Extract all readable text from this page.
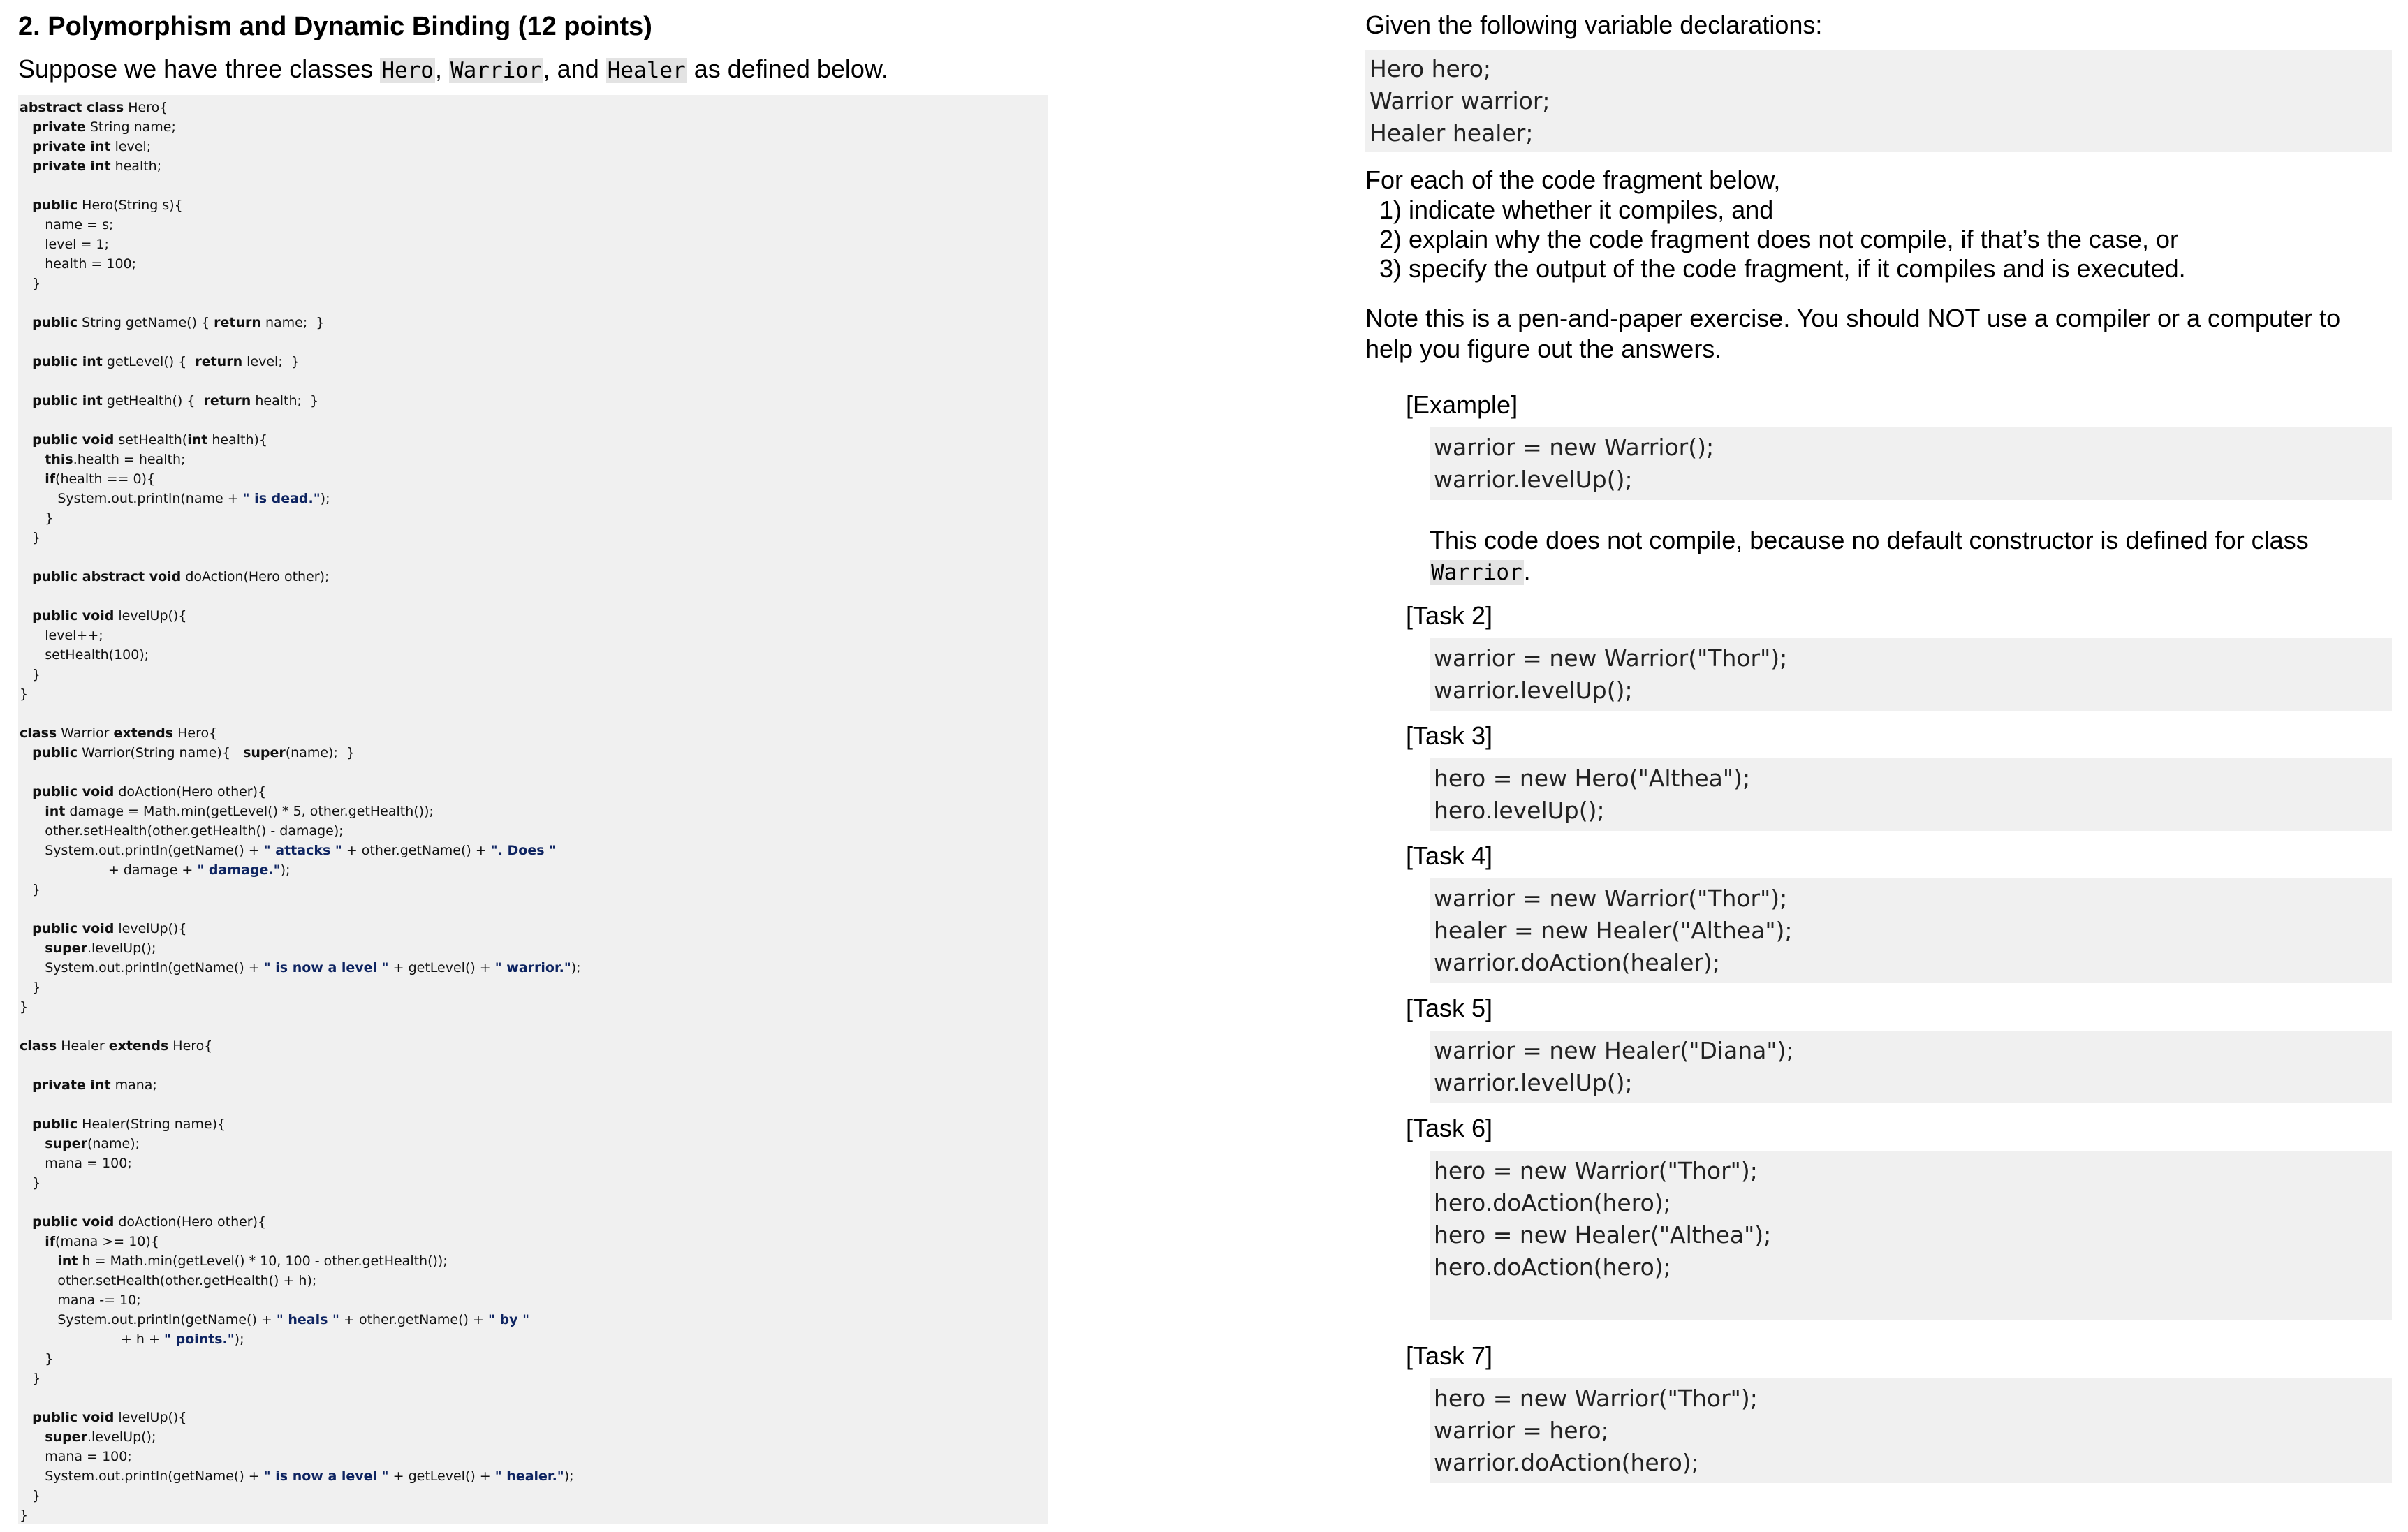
2. Polymorphism and Dynamic Binding (12 points)

Suppose we have three classes Hero, Warrior, and Healer as defined below.

abstract class Hero{
private String name;
private int level;
private int health;
public Hero(String s){
name = s;
level = 1;
health = 100;
}
public String getName() { return name;  }
public int getLevel() {  return level;  }
public int getHealth() {  return health;  }
public void setHealth(int health){
this.health = health;
if(health == 0){
System.out.println(name + " is dead.");
}
}
public abstract void doAction(Hero other);
public void levelUp(){
level++;
setHealth(100);
}
}
class Warrior extends Hero{
public Warrior(String name){   super(name);  }
public void doAction(Hero other){
int damage = Math.min(getLevel() * 5, other.getHealth());
other.setHealth(other.getHealth() - damage);
System.out.println(getName() + " attacks " + other.getName() + ". Does "
+ damage + " damage.");
}
public void levelUp(){
super.levelUp();
System.out.println(getName() + " is now a level " + getLevel() + " warrior.");
}
}
class Healer extends Hero{
private int mana;
public Healer(String name){
super(name);
mana = 100;
}
public void doAction(Hero other){
if(mana >= 10){
int h = Math.min(getLevel() * 10, 100 - other.getHealth());
other.setHealth(other.getHealth() + h);
mana -= 10;
System.out.println(getName() + " heals " + other.getName() + " by "
+ h + " points.");
}
}
public void levelUp(){
super.levelUp();
mana = 100;
System.out.println(getName() + " is now a level " + getLevel() + " healer.");
}
}

Given the following variable declarations:

Hero hero;
Warrior warrior;
Healer healer;

For each of the code fragment below,

1) indicate whether it compiles, and
2) explain why the code fragment does not compile, if that’s the case, or
3) specify the output of the code fragment, if it compiles and is executed.

Note this is a pen-and-paper exercise. You should NOT use a compiler or a computer to help you figure out the answers.

[Example]

warrior = new Warrior();
warrior.levelUp();

This code does not compile, because no default constructor is defined for class Warrior.

[Task 2]

warrior = new Warrior("Thor");
warrior.levelUp();

[Task 3]

hero = new Hero("Althea");
hero.levelUp();

[Task 4]

warrior = new Warrior("Thor");
healer = new Healer("Althea");
warrior.doAction(healer);

[Task 5]

warrior = new Healer("Diana");
warrior.levelUp();

[Task 6]

hero = new Warrior("Thor");
hero.doAction(hero);
hero = new Healer("Althea");
hero.doAction(hero);

[Task 7]

hero = new Warrior("Thor");
warrior = hero;
warrior.doAction(hero);
